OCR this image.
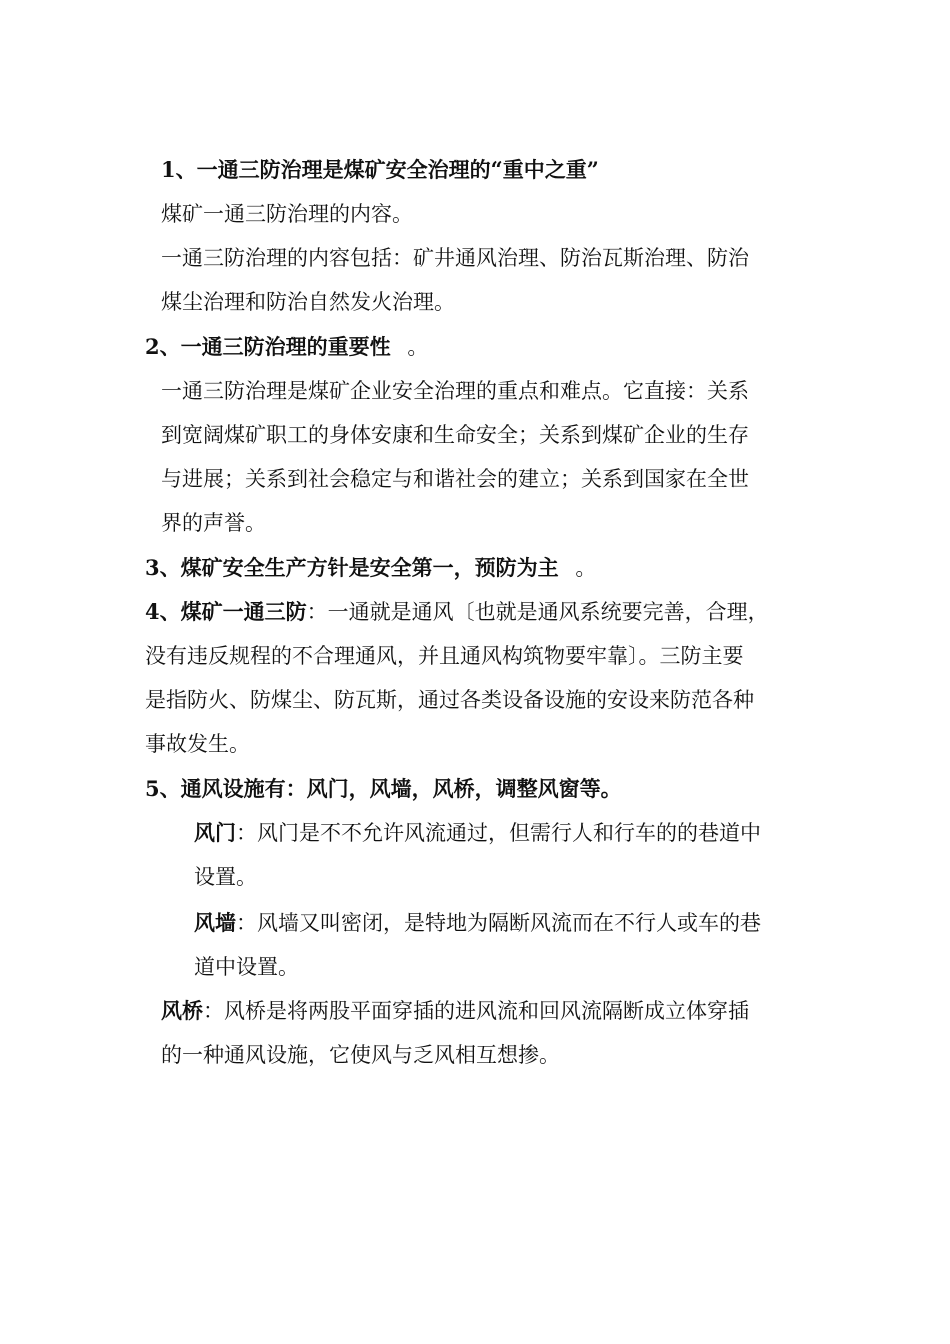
1、一通三防治理是煤矿安全治理的“重中之重”

煤矿一通三防治理的内容。

一通三防治理的内容包括：矿井通风治理、防治瓦斯治理、防治

煤尘治理和防治自然发火治理。

2、一通三防治理的重要性 。

一通三防治理是煤矿企业安全治理的重点和难点。它直接：关系

到宽阔煤矿职工的身体安康和生命安全；关系到煤矿企业的生存

与进展；关系到社会稳定与和谐社会的建立；关系到国家在全世

界的声誉。

3、煤矿安全生产方针是安全第一，预防为主 。

4、煤矿一通三防：一通就是通风〔也就是通风系统要完善，合理，

没有违反规程的不合理通风，并且通风构筑物要牢靠〕。三防主要

是指防火、防煤尘、防瓦斯，通过各类设备设施的安设来防范各种

事故发生。

5、通风设施有：风门，风墙，风桥，调整风窗等。

风门：风门是不不允许风流通过，但需行人和行车的的巷道中

设置。

风墙：风墙又叫密闭，是特地为隔断风流而在不行人或车的巷

道中设置。

风桥：风桥是将两股平面穿插的进风流和回风流隔断成立体穿插

的一种通风设施，它使风与乏风相互想掺。
